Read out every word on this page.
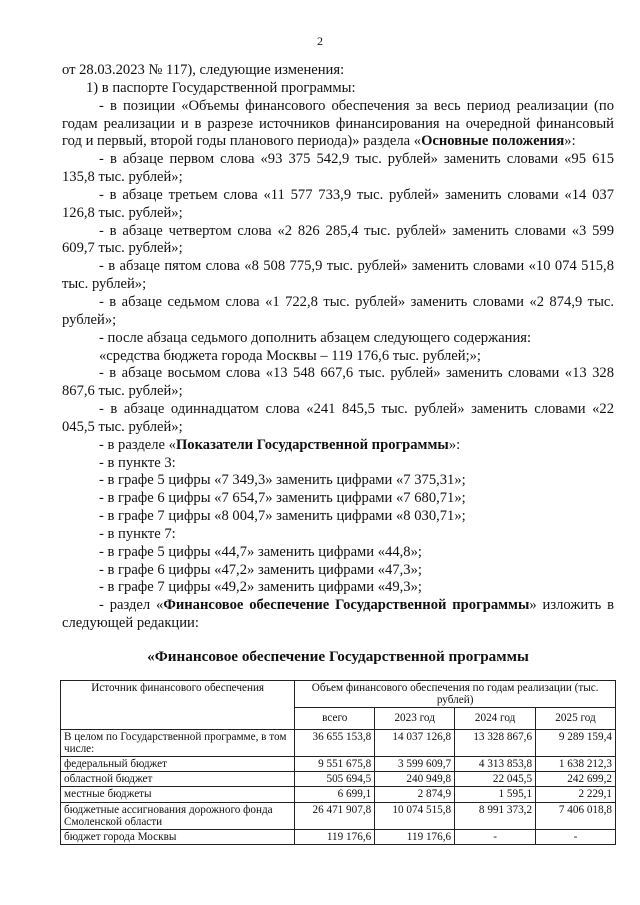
2

от 28.03.2023 № 117), следующие изменения:

1) в паспорте Государственной программы:

- в позиции «Объемы финансового обеспечения за весь период реализации (по годам реализации и в разрезе источников финансирования на очередной финансовый год и первый, второй годы планового периода)» раздела «Основные положения»:

- в абзаце первом слова «93 375 542,9 тыс. рублей» заменить словами «95 615 135,8 тыс. рублей»;

- в абзаце третьем слова «11 577 733,9 тыс. рублей» заменить словами «14 037 126,8 тыс. рублей»;

- в абзаце четвертом слова «2 826 285,4 тыс. рублей» заменить словами «3 599 609,7 тыс. рублей»;

- в абзаце пятом слова «8 508 775,9 тыс. рублей» заменить словами «10 074 515,8 тыс. рублей»;

- в абзаце седьмом слова «1 722,8 тыс. рублей» заменить словами «2 874,9 тыс. рублей»;

- после абзаца седьмого дополнить абзацем следующего содержания:

«средства бюджета города Москвы – 119 176,6 тыс. рублей;»;

- в абзаце восьмом слова «13 548 667,6 тыс. рублей» заменить словами «13 328 867,6 тыс. рублей»;

- в абзаце одиннадцатом слова «241 845,5 тыс. рублей» заменить словами «22 045,5 тыс. рублей»;

- в разделе «Показатели Государственной программы»:

- в пункте 3:

- в графе 5 цифры «7 349,3» заменить цифрами «7 375,31»;

- в графе 6 цифры «7 654,7» заменить цифрами «7 680,71»;

- в графе 7 цифры «8 004,7» заменить цифрами «8 030,71»;

- в пункте 7:

- в графе 5 цифры «44,7» заменить цифрами «44,8»;

- в графе 6 цифры «47,2» заменить цифрами «47,3»;

- в графе 7 цифры «49,2» заменить цифрами «49,3»;

- раздел «Финансовое обеспечение Государственной программы» изложить в следующей редакции:

«Финансовое обеспечение Государственной программы
Источник финансового обеспечения	Объем финансового обеспечения по годам реализации (тыс. рублей)			
	всего	2023 год	2024 год	2025 год
В целом по Государственной программе, в том числе:	36 655 153,8	14 037 126,8	13 328 867,6	9 289 159,4
федеральный бюджет	9 551 675,8	3 599 609,7	4 313 853,8	1 638 212,3
областной бюджет	505 694,5	240 949,8	22 045,5	242 699,2
местные бюджеты	6 699,1	2 874,9	1 595,1	2 229,1
бюджетные ассигнования дорожного фонда Смоленской области	26 471 907,8	10 074 515,8	8 991 373,2	7 406 018,8
бюджет города Москвы	119 176,6	119 176,6	-	-
